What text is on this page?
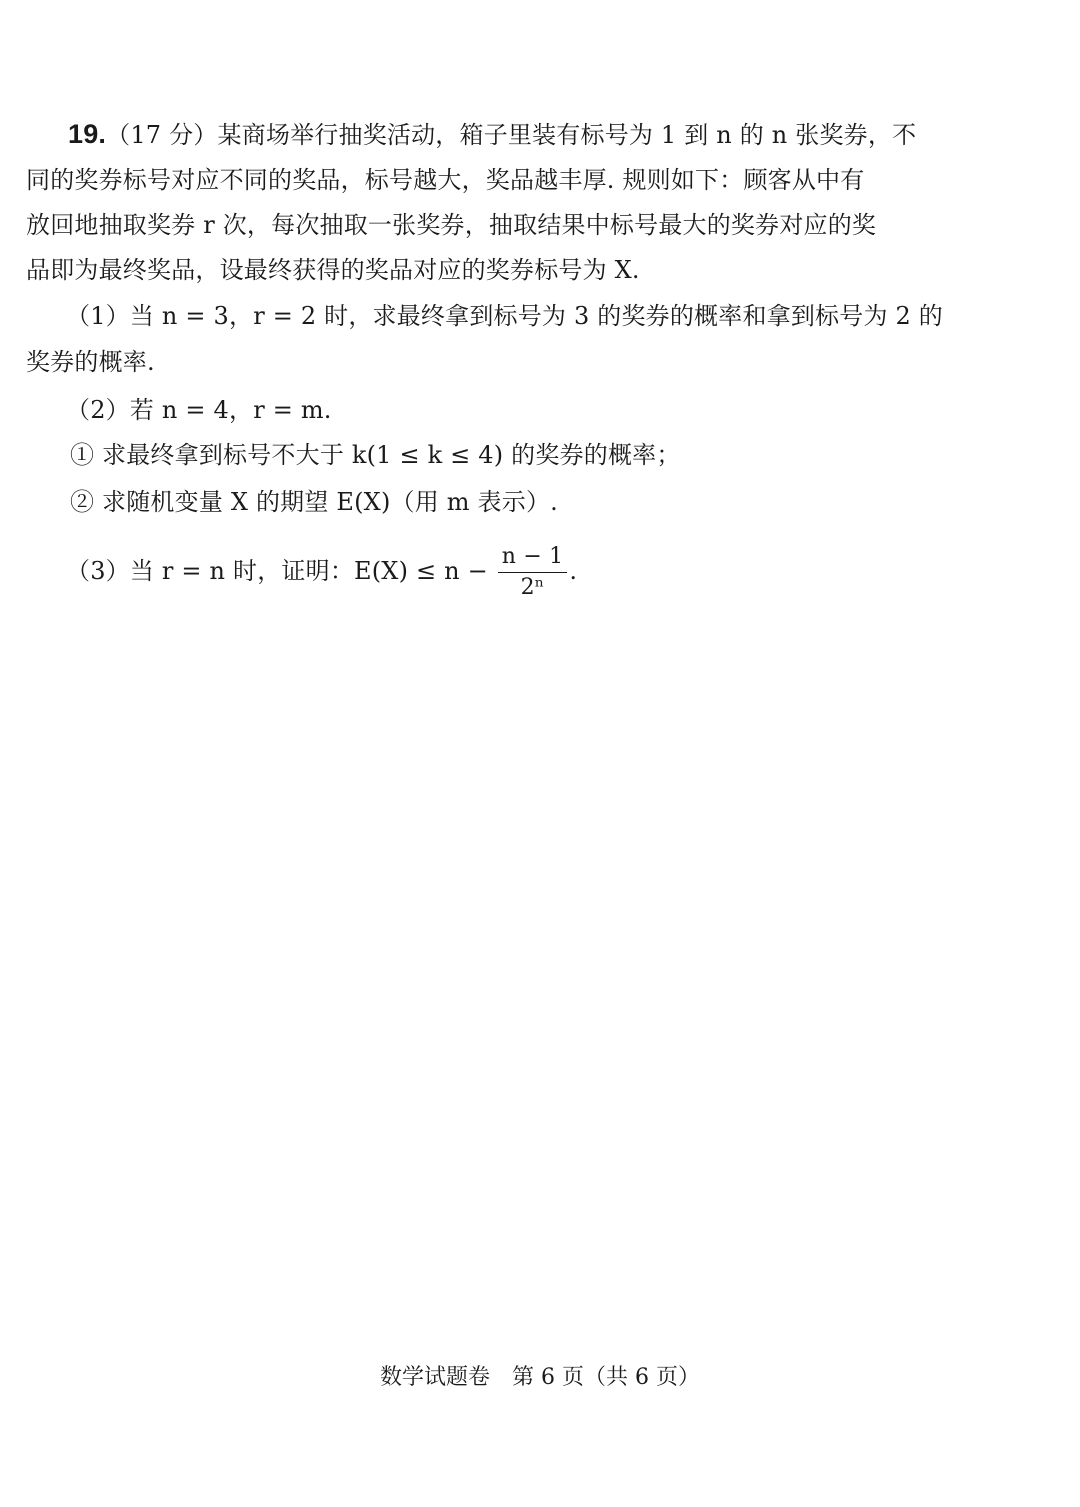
19.（17 分）某商场举行抽奖活动，箱子里装有标号为 1 到 n 的 n 张奖券，不
同的奖券标号对应不同的奖品，标号越大，奖品越丰厚. 规则如下：顾客从中有
放回地抽取奖券 r 次，每次抽取一张奖券，抽取结果中标号最大的奖券对应的奖
品即为最终奖品，设最终获得的奖品对应的奖券标号为 X.
（1）当 n = 3，r = 2 时，求最终拿到标号为 3 的奖券的概率和拿到标号为 2 的
奖券的概率.
（2）若 n = 4，r = m.
① 求最终拿到标号不大于 k(1 ≤ k ≤ 4) 的奖券的概率；
② 求随机变量 X 的期望 E(X)（用 m 表示）.
（3）当 r = n 时，证明：$E(X) \le n - \frac{n - 1}{\text{2ⁿ}}$ .
数学试题卷　第 6 页（共 6 页）
